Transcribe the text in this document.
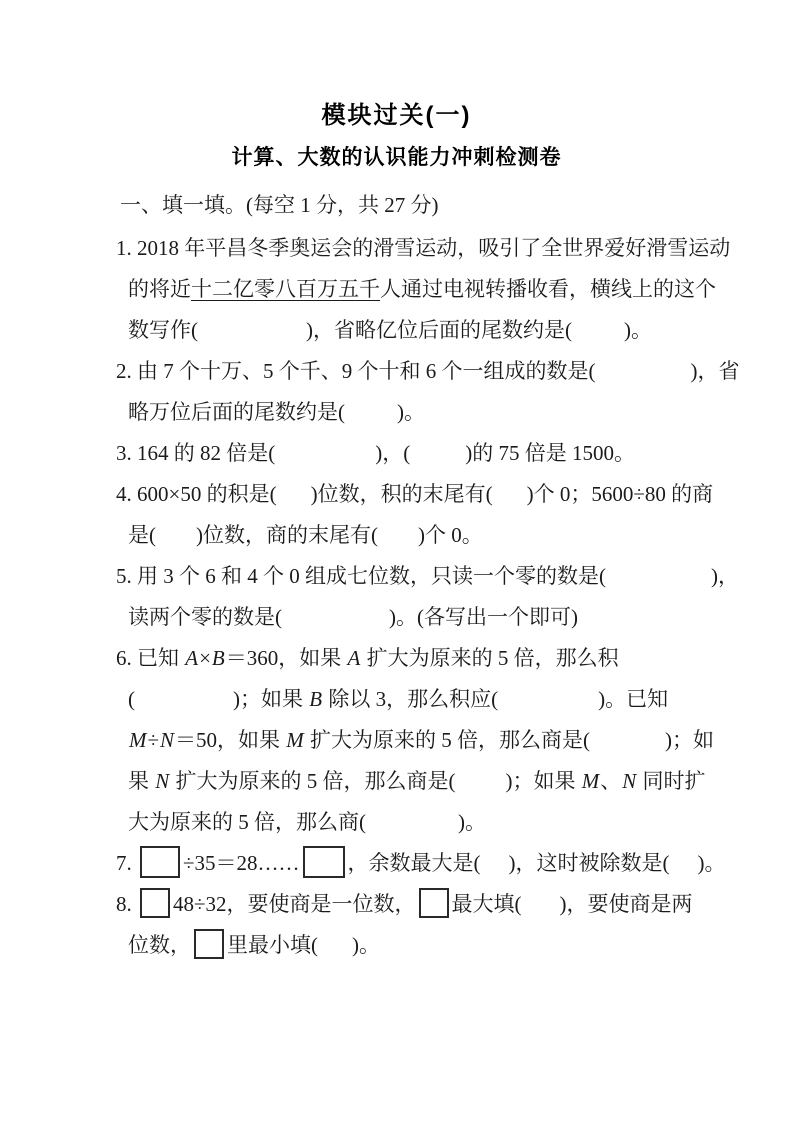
模块过关(一)
计算、大数的认识能力冲刺检测卷
一、填一填。(每空 1 分，共 27 分)
1. 2018 年平昌冬季奥运会的滑雪运动，吸引了全世界爱好滑雪运动
的将近十二亿零八百万五千人通过电视转播收看，横线上的这个
数写作(	)，省略亿位后面的尾数约是( )。
2. 由 7 个十万、5 个千、9 个十和 6 个一组成的数是(	)，省
略万位后面的尾数约是( )。
3. 164 的 82 倍是(	)，(	)的 75 倍是 1500。
4. 600×50 的积是( )位数，积的末尾有( )个 0；5600÷80 的商
是( )位数，商的末尾有( )个 0。
5. 用 3 个 6 和 4 个 0 组成七位数，只读一个零的数是(	)，
读两个零的数是(	)。(各写出一个即可)
6. 已知 A×B＝360，如果 A 扩大为原来的 5 倍，那么积
(	)；如果 B 除以 3，那么积应(	)。已知
M÷N＝50，如果 M 扩大为原来的 5 倍，那么商是(	)；如
果 N 扩大为原来的 5 倍，那么商是( )；如果 M、N 同时扩
大为原来的 5 倍，那么商(	)。
7. ÷35＝28…… ，余数最大是( )，这时被除数是( )。
8. 48÷32，要使商是一位数， 最大填( )，要使商是两
位数， 里最小填( )。
